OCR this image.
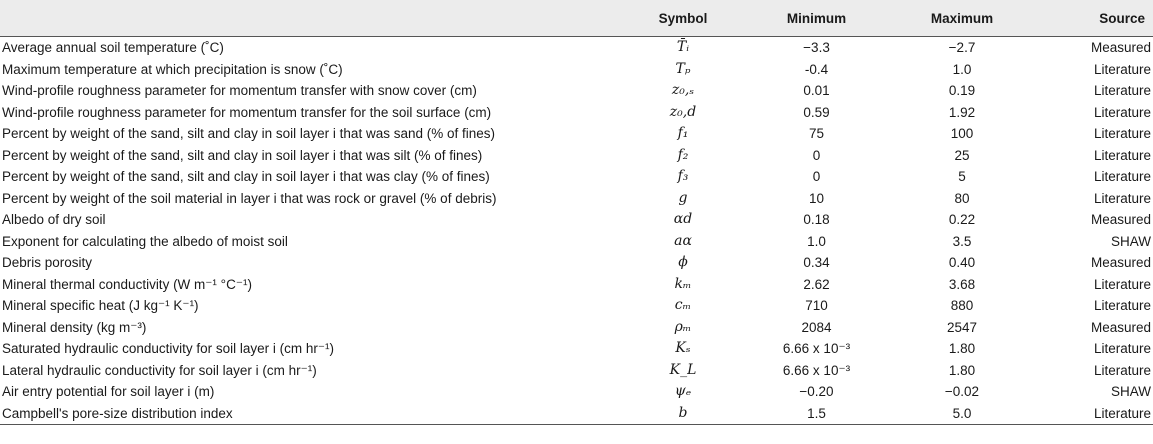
	Symbol	Minimum	Maximum	Source
Average annual soil temperature (˚C)	T̄ᵢ	−3.3	−2.7	Measured
Maximum temperature at which precipitation is snow (˚C)	Tₚ	-0.4	1.0	Literature
Wind-profile roughness parameter for momentum transfer with snow cover (cm)	z₀,ₛ	0.01	0.19	Literature
Wind-profile roughness parameter for momentum transfer for the soil surface (cm)	z₀,d	0.59	1.92	Literature
Percent by weight of the sand, silt and clay in soil layer i that was sand (% of fines)	f₁	75	100	Literature
Percent by weight of the sand, silt and clay in soil layer i that was silt (% of fines)	f₂	0	25	Literature
Percent by weight of the sand, silt and clay in soil layer i that was clay (% of fines)	f₃	0	5	Literature
Percent by weight of the soil material in layer i that was rock or gravel (% of debris)	g	10	80	Literature
Albedo of dry soil	αd	0.18	0.22	Measured
Exponent for calculating the albedo of moist soil	aα	1.0	3.5	SHAW
Debris porosity	ϕ	0.34	0.40	Measured
Mineral thermal conductivity (W m⁻¹ °C⁻¹)	kₘ	2.62	3.68	Literature
Mineral specific heat (J kg⁻¹ K⁻¹)	cₘ	710	880	Literature
Mineral density (kg m⁻³)	ρₘ	2084	2547	Measured
Saturated hydraulic conductivity for soil layer i (cm hr⁻¹)	Kₛ	6.66 x 10⁻³	1.80	Literature
Lateral hydraulic conductivity for soil layer i (cm hr⁻¹)	K_L	6.66 x 10⁻³	1.80	Literature
Air entry potential for soil layer i (m)	ψₑ	−0.20	−0.02	SHAW
Campbell's pore-size distribution index	b	1.5	5.0	Literature
